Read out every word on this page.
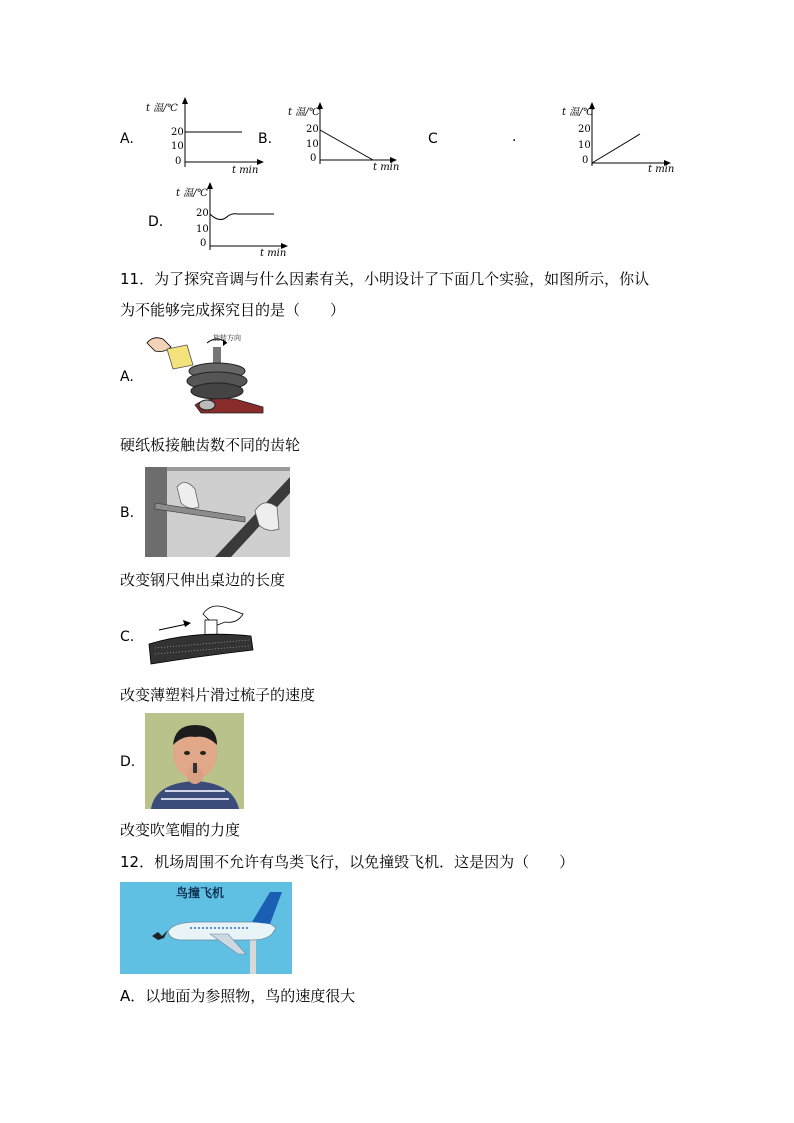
A.
t 温/℃
20
10
0
t min
B.
t 温/℃
20
10
0
t min
C	.
t 温/℃
20
10
0
t min
D.
t 温/℃
20
10
0
t min
11．为了探究音调与什么因素有关，小明设计了下面几个实验，如图所示，你认
为不能够完成探究目的是（　　）
A.
旋转方向
硬纸板接触齿数不同的齿轮
B.
改变钢尺伸出桌边的长度
C.
改变薄塑料片滑过梳子的速度
D.
改变吹笔帽的力度
12．机场周围不允许有鸟类飞行，以免撞毁飞机．这是因为（　　）
鸟撞飞机
A．以地面为参照物，鸟的速度很大
